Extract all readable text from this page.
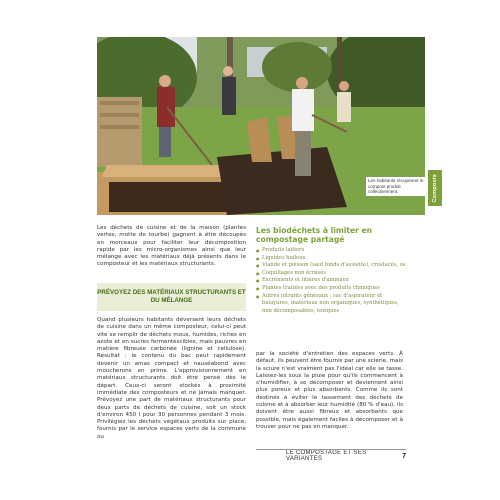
Les habitants récupèrent le compost produit collectivement.	Composts

Les déchets de cuisine et de la maison (plantes vertes, motte de tourbe) gagnent à être découpés en morceaux pour faciliter leur décomposition rapide par les micro-organismes ainsi que leur mélange avec les matériaux déjà présents dans le composteur et les matériaux structurants.

PRÉVOYEZ DES MATÉRIAUX STRUCTURANTS ET DU MÉLANGE

Quand plusieurs habitants déversent leurs déchets de cuisine dans un même composteur, celui-ci peut vite se remplir de déchets mous, humides, riches en azote et en sucres fermentescibles, mais pauvres en matière fibreuse carbonée (lignine et cellulose). Résultat : le contenu du bac peut rapidement devenir un amas compact et nauséabond avec moucherons en prime. L'approvisionnement en matériaux structurants doit être pensé dès le départ. Ceux-ci seront stockés à proximité immédiate des composteurs et ne jamais manquer. Prévoyez une part de matériaux structurants pour deux parts de déchets de cuisine, soit un stock d'environ 450 l pour 30 personnes pendant 3 mois. Privilégiez les déchets végétaux produits sur place, fournis par le service espaces verts de la commune ou

Les biodéchets à limiter en compostage partagé
● Produits laitiers
● Liquides huileux
● Viande et poisson (sauf fonds d'assiette), crustacés, os
● Coquillages non écrasés
● Excréments et litières d'animaux
● Plantes traitées avec des produits chimiques
● Autres intrants généraux : sac d'aspirateur et balayures, matériaux non organiques, synthétiques, non décomposables, toxiques

par la société d'entretien des espaces verts. À défaut, ils peuvent être fournis par une scierie, mais la sciure n'est vraiment pas l'idéal car elle se tasse. Laissez-les sous la pluie pour qu'ils commencent à s'humidifier, à se décomposer et deviennent ainsi plus poreux et plus absorbants. Comme ils sont destinés à éviter le tassement des déchets de cuisine et à absorber leur humidité (80 % d'eau), ils doivent être aussi fibreux et absorbants que possible, mais également faciles à décomposer et à trouver pour ne pas en manquer.

LE COMPOSTAGE ET SES VARIANTES	7
